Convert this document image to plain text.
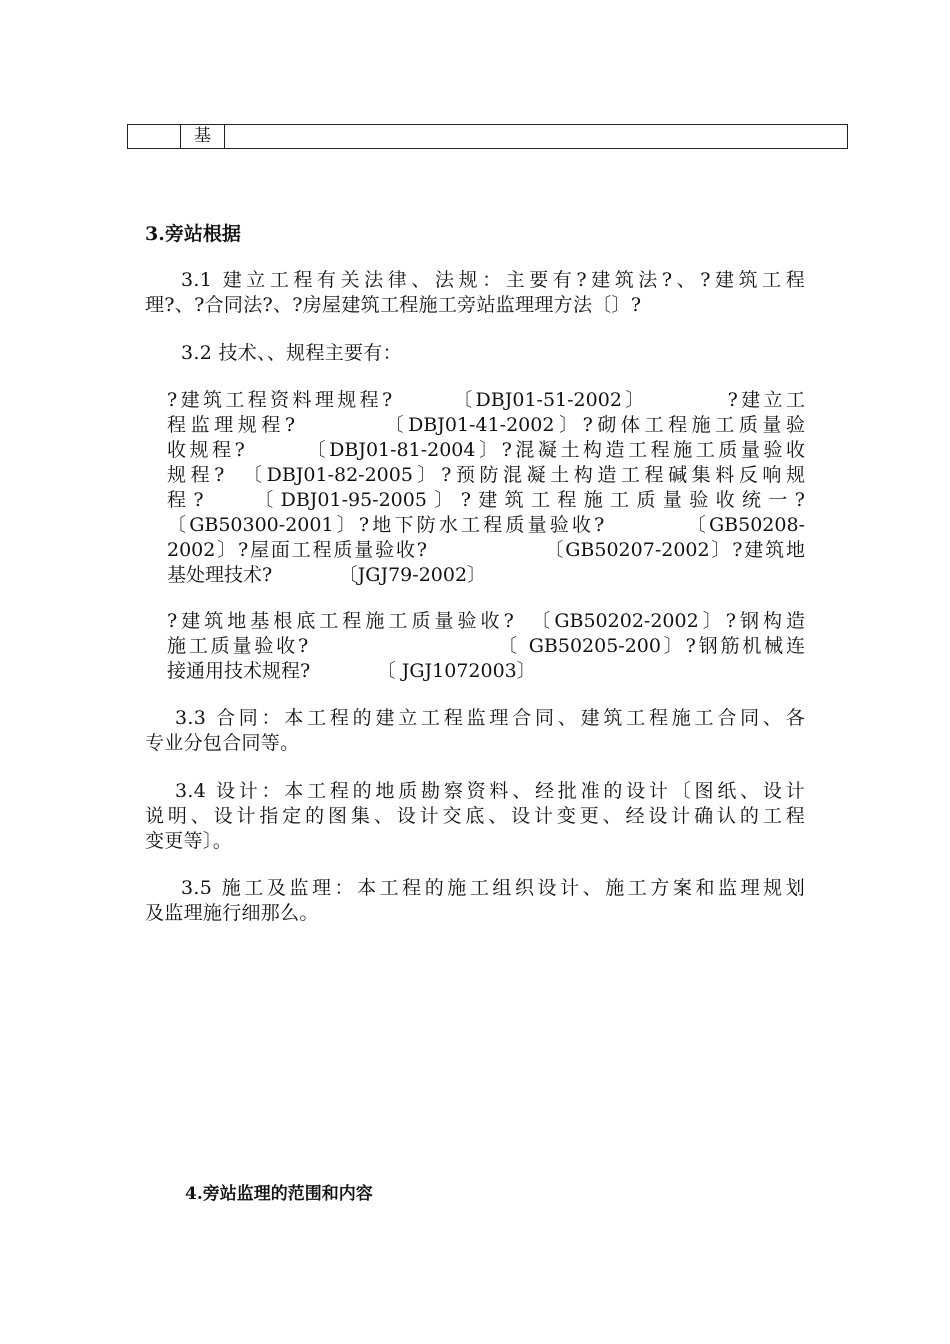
基
3.旁站根据
3.1 建立工程有关法律、法规：主要有?建筑法?、?建筑工程
理?、?合同法?、?房屋建筑工程施工旁站监理理方法〔〕?
3.2 技术、、规程主要有：
?建筑工程资料理规程?　　　〔DBJ01-51-2002〕　　　　?建立工
程监理规程?　　　　〔DBJ01-41-2002〕?砌体工程施工质量验
收规程?　　　〔DBJ01-81-2004〕?混凝土构造工程施工质量验收
规程?　〔DBJ01-82-2005〕?预防混凝土构造工程碱集料反响规
程?　　〔DBJ01-95-2005〕?建筑工程施工质量验收统一?
〔GB50300-2001〕?地下防水工程质量验收?　　　　〔GB50208-
2002〕?屋面工程质量验收?　　　　　　〔GB50207-2002〕?建筑地
基处理技术?　　　　〔JGJ79-2002〕
?建筑地基根底工程施工质量验收?　〔GB50202-2002〕?钢构造
施工质量验收?　　　　　　　　　〔 GB50205-200〕?钢筋机械连
接通用技术规程?　　　　〔 JGJ1072003〕
3.3 合同：本工程的建立工程监理合同、建筑工程施工合同、各
专业分包合同等。
3.4 设计：本工程的地质勘察资料、经批准的设计〔图纸、设计
说明、设计指定的图集、设计交底、设计变更、经设计确认的工程
变更等〕。
3.5 施工及监理：本工程的施工组织设计、施工方案和监理规划
及监理施行细那么。
4.旁站监理的范围和内容
